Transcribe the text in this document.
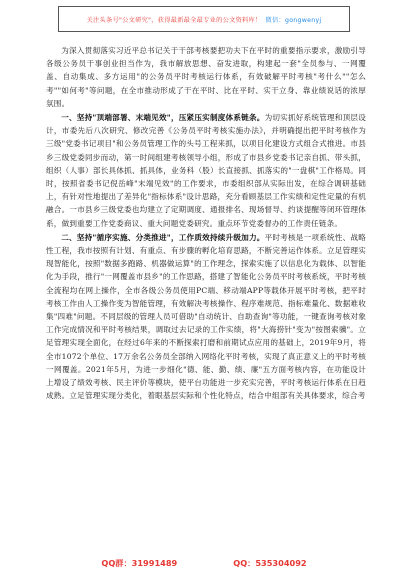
关注头条号"公文研究"，获得最新最全最专业的公文资料库！ 微信：gongwenyj

为深入贯彻落实习近平总书记关于干部考核要把功夫下在平时的重要指示要求，激励引导各级公务员干事创业担当作为，我市解放思想、奋发进取，构建起一套"全员参与、一网覆盖、自动集成、多方运用"的公务员平时考核运行体系，有效破解平时考核"考什么""怎么考""如何考"等问题，在全市推动形成了干在平时、比在平时、实干立身、靠业绩说话的浓厚氛围。

一、坚持"顶端部署、末端见效"，压紧压实制度体系链条。为切实抓好系统管理和顶层设计，市委先后八次研究、修改完善《公务员平时考核实施办法》，并明确提出把平时考核作为三级"党委书记项目"和公务员管理工作的头号工程来抓，以项目化建设方式组合式推进。市县乡三级党委同步而动，第一时间组建考核领导小组，形成了市县乡党委书记亲自抓、带头抓，组织（人事）部长具体抓、抓具体，业务科（股）长直接抓、抓落实的"一盘棋"工作格局。同时，按照省委书记倪岳峰"末端见效"的工作要求，市委组织部从实际出发，在综合调研基础上，有针对性地提出了差异化"指标体系"设计思路，充分看顾基层工作实绩和定性定量的有机融合。一市县乡三级党委也均建立了定期调度、通报排名、现场督导、约谈提醒等闭环管理体系，做到重要工作党委商议、重大问题党委研究。重点环节党委督办的工作责任链条。

二、坚持"循序实施、分类推进"，工作质效持续升级加力。平时考核是一项系统性、战略性工程，我市按照有计划、有重点、有步骤的孵化培育思路，不断完善运作体系。立足管理实现智能化，按照"数据多跑路、机器做运算"的工作理念，探索实施了以信息化为载体、以智能化为手段，推行"一网覆盖市县乡"的工作思路，搭建了智能化公务员平时考核系统，平时考核全流程均在网上操作，全市各级公务员使用PC端、移动端APP等载体开展平时考核，把平时考核工作由人工操作变为智能管理，有效解决考核操作、程序难规范、指标难量化、数据难收集"四难"问题。不同层级的管理人员可借助"自动统计、自助查询"等功能，一键查询考核对象工作完成情况和平时考核结果，调取过去记录的工作实绩，将"大海捞针"变为"按图索骥"。立足管理实现全面化，在经过6年来的不断探索打磨和前期试点应用的基础上，2019年9月，将全市1072个单位、17万余名公务员全部纳入网络化平时考核，实现了真正意义上的平时考核一网覆盖。2021年5月，为进一步细化"德、能、勤、绩、廉"五方面考核内容，在功能设计上增设了绩效考核、民主评价等模块，使平台功能进一步充实完善，平时考核运行体系在日趋成熟。立足管理实现分类化，着眼基层实际和个性化特点，结合中组部有关具体要求，综合考

QQ群：31991489	QQ：535304092
